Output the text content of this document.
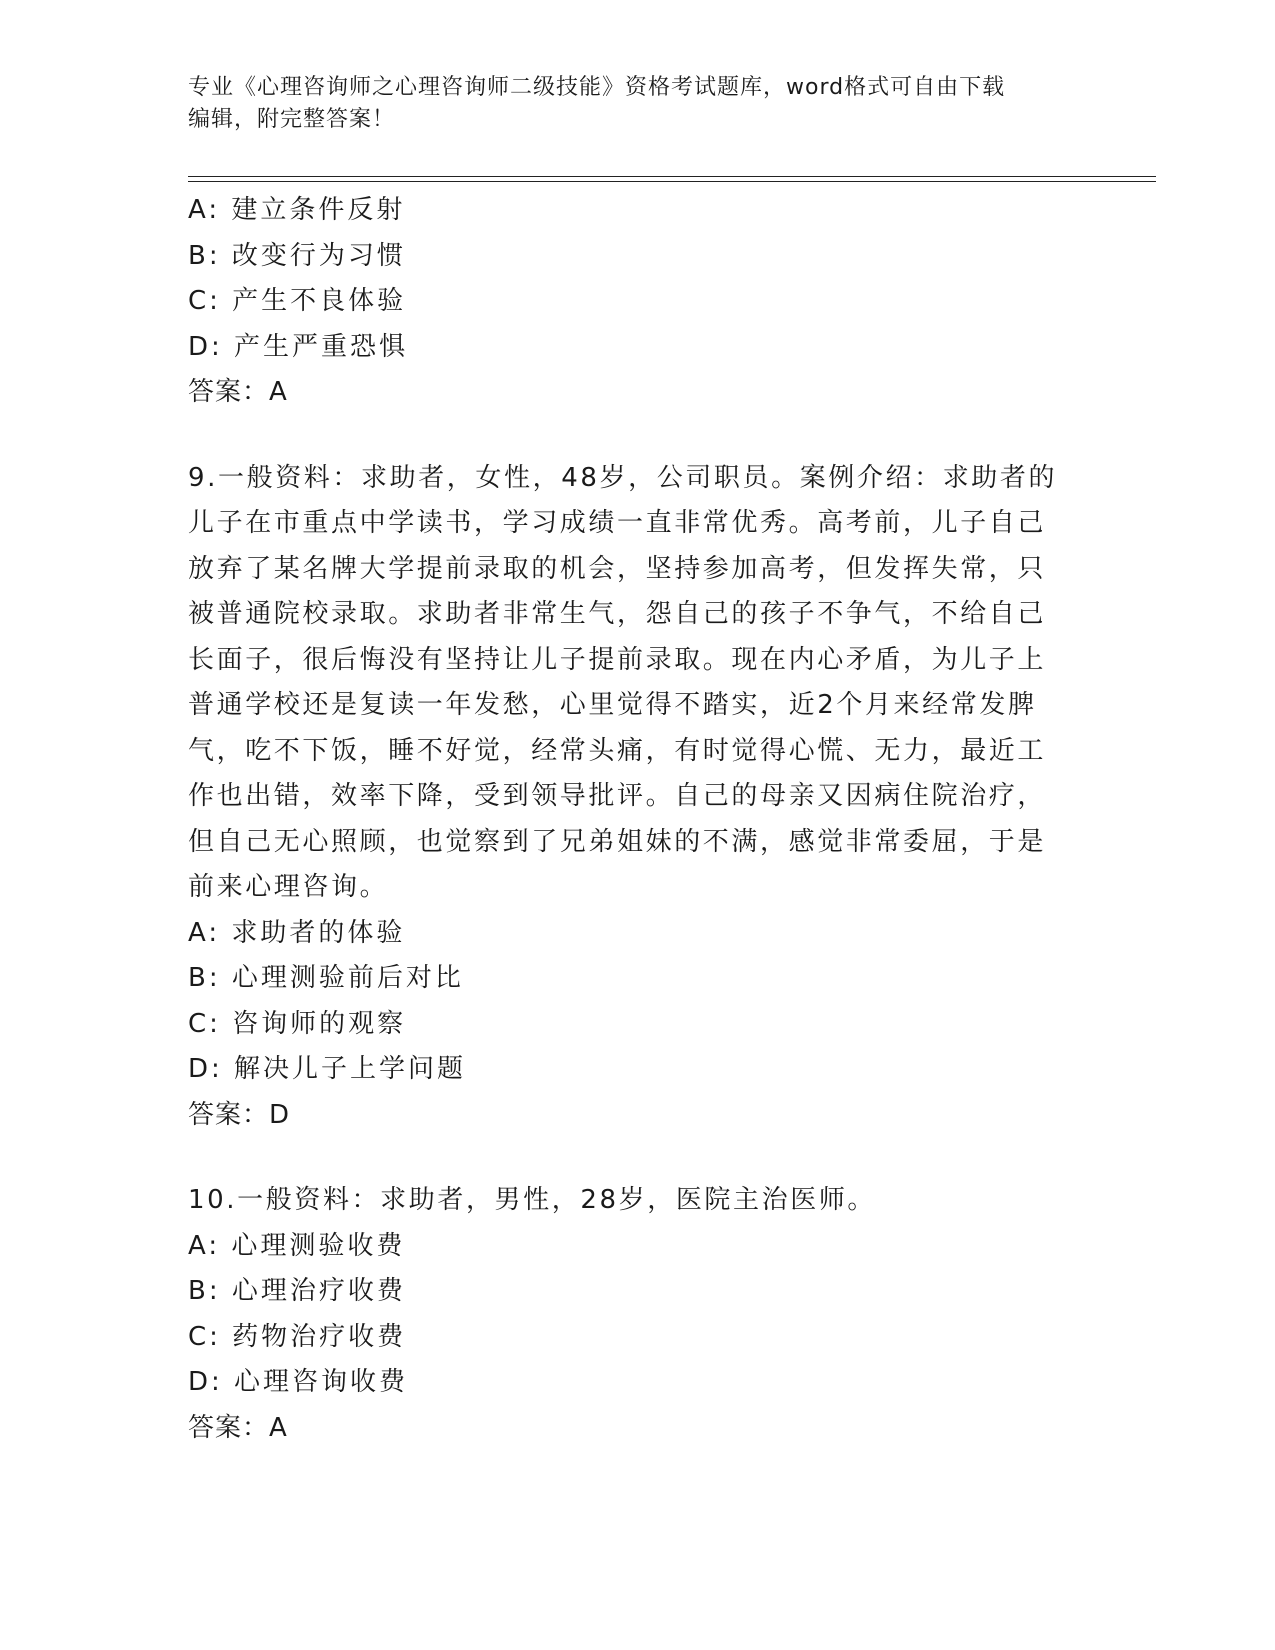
专业《心理咨询师之心理咨询师二级技能》资格考试题库，word格式可自由下载
编辑，附完整答案！
A: 建立条件反射
B: 改变行为习惯
C: 产生不良体验
D: 产生严重恐惧
答案：A
9.一般资料：求助者，女性，48岁，公司职员。案例介绍：求助者的
儿子在市重点中学读书，学习成绩一直非常优秀。高考前，儿子自己
放弃了某名牌大学提前录取的机会，坚持参加高考，但发挥失常，只
被普通院校录取。求助者非常生气，怨自己的孩子不争气，不给自己
长面子，很后悔没有坚持让儿子提前录取。现在内心矛盾，为儿子上
普通学校还是复读一年发愁，心里觉得不踏实，近2个月来经常发脾
气，吃不下饭，睡不好觉，经常头痛，有时觉得心慌、无力，最近工
作也出错，效率下降，受到领导批评。自己的母亲又因病住院治疗，
但自己无心照顾，也觉察到了兄弟姐妹的不满，感觉非常委屈，于是
前来心理咨询。
A: 求助者的体验
B: 心理测验前后对比
C: 咨询师的观察
D: 解决儿子上学问题
答案：D
10.一般资料：求助者，男性，28岁，医院主治医师。
A: 心理测验收费
B: 心理治疗收费
C: 药物治疗收费
D: 心理咨询收费
答案：A
